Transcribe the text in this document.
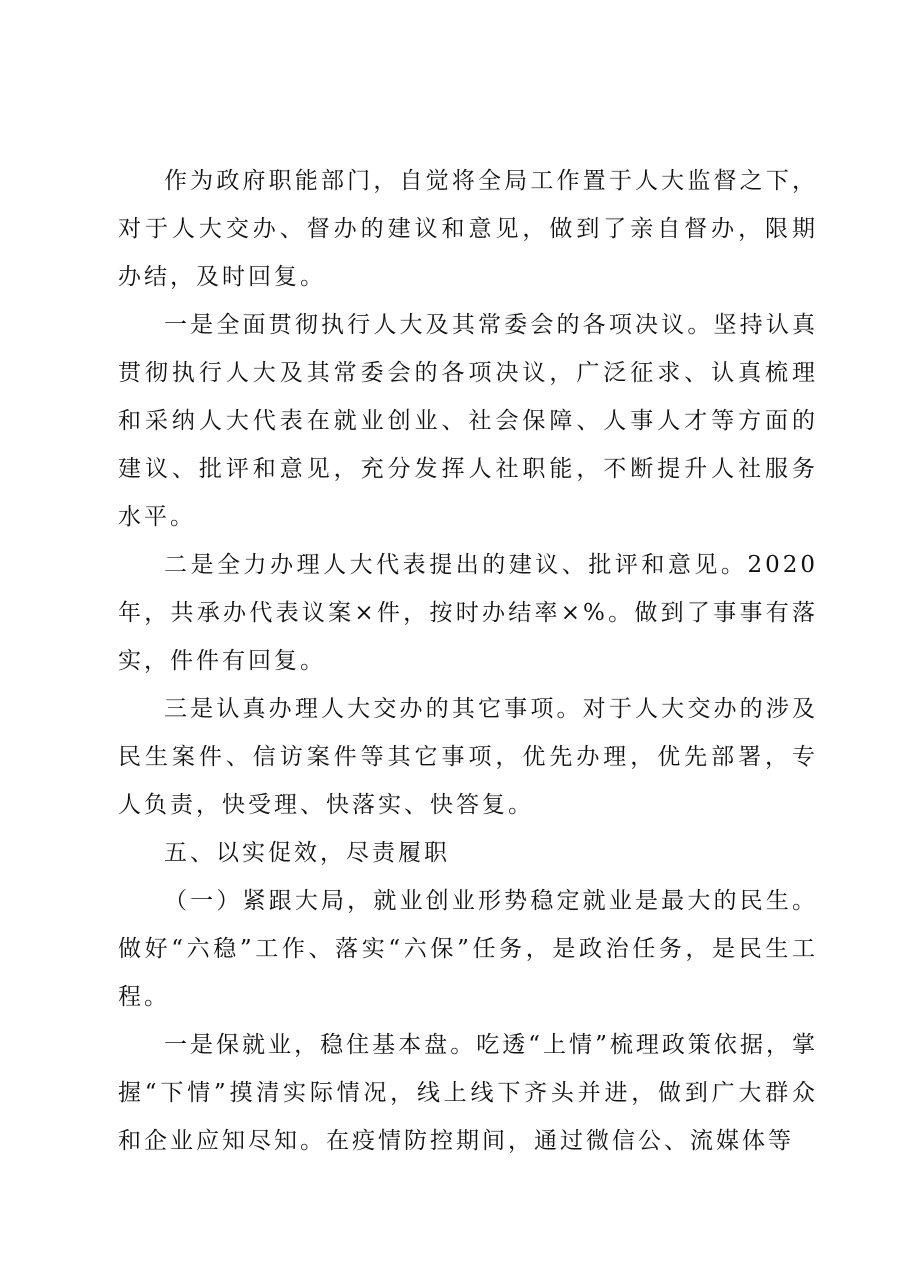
作为政府职能部门，自觉将全局工作置于人大监督之下，对于人大交办、督办的建议和意见，做到了亲自督办，限期办结，及时回复。

一是全面贯彻执行人大及其常委会的各项决议。坚持认真贯彻执行人大及其常委会的各项决议，广泛征求、认真梳理和采纳人大代表在就业创业、社会保障、人事人才等方面的建议、批评和意见，充分发挥人社职能，不断提升人社服务水平。

二是全力办理人大代表提出的建议、批评和意见。2020年，共承办代表议案×件，按时办结率×%。做到了事事有落实，件件有回复。

三是认真办理人大交办的其它事项。对于人大交办的涉及民生案件、信访案件等其它事项，优先办理，优先部署，专人负责，快受理、快落实、快答复。

五、以实促效，尽责履职

（一）紧跟大局，就业创业形势稳定就业是最大的民生。做好“六稳”工作、落实“六保”任务，是政治任务，是民生工程。

一是保就业，稳住基本盘。吃透“上情”梳理政策依据，掌握“下情”摸清实际情况，线上线下齐头并进，做到广大群众和企业应知尽知。在疫情防控期间，通过微信公、流媒体等
